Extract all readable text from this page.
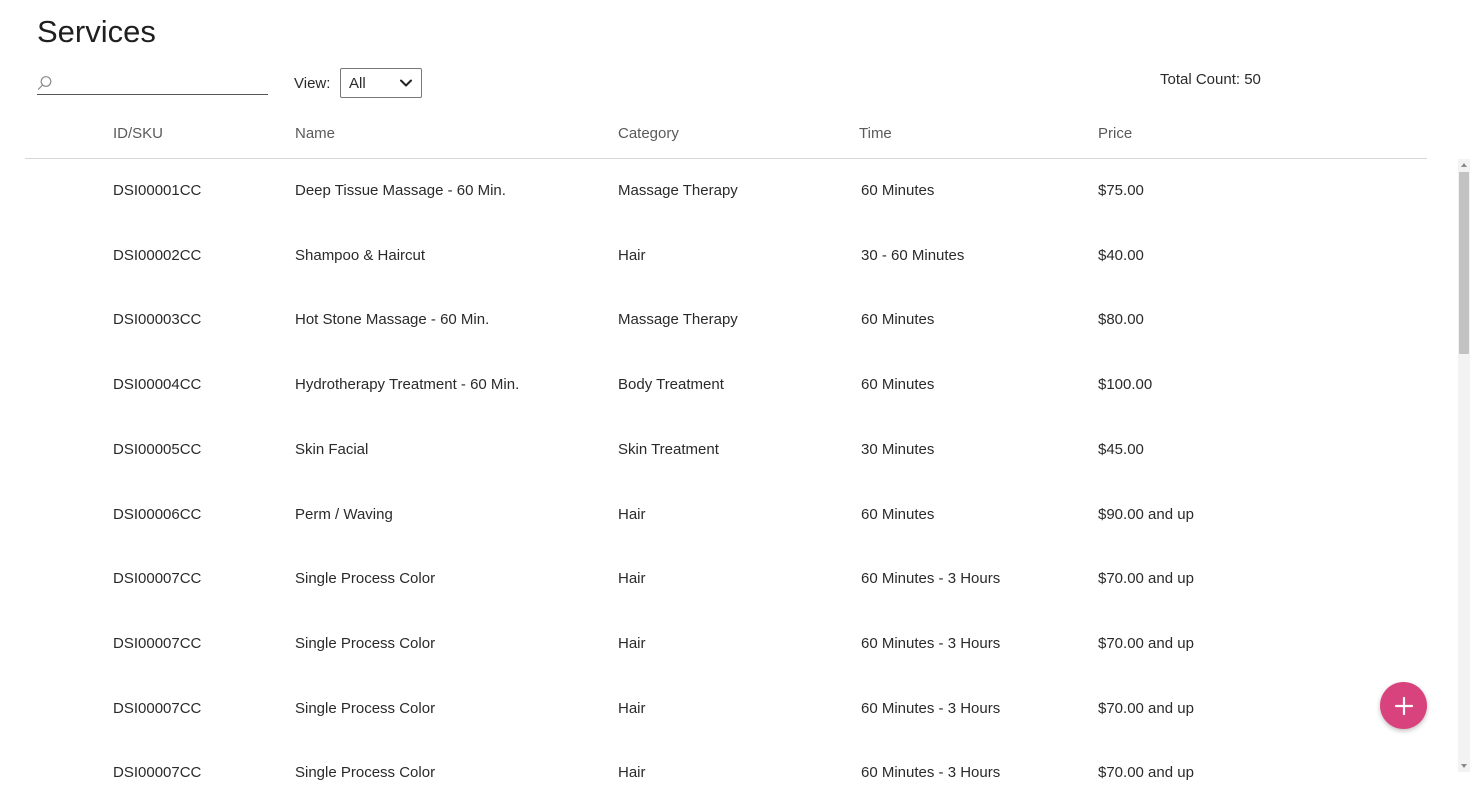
Services
View: All	Total Count: 50
ID/SKU	Name	Category	Time	Price
DSI00001CC	Deep Tissue Massage - 60 Min.	Massage Therapy	60 Minutes	$75.00
DSI00002CC	Shampoo & Haircut	Hair	30 - 60 Minutes	$40.00
DSI00003CC	Hot Stone Massage - 60 Min.	Massage Therapy	60 Minutes	$80.00
DSI00004CC	Hydrotherapy Treatment - 60 Min.	Body Treatment	60 Minutes	$100.00
DSI00005CC	Skin Facial	Skin Treatment	30 Minutes	$45.00
DSI00006CC	Perm / Waving	Hair	60 Minutes	$90.00 and up
DSI00007CC	Single Process Color	Hair	60 Minutes - 3 Hours	$70.00 and up
DSI00007CC	Single Process Color	Hair	60 Minutes - 3 Hours	$70.00 and up
DSI00007CC	Single Process Color	Hair	60 Minutes - 3 Hours	$70.00 and up
DSI00007CC	Single Process Color	Hair	60 Minutes - 3 Hours	$70.00 and up
